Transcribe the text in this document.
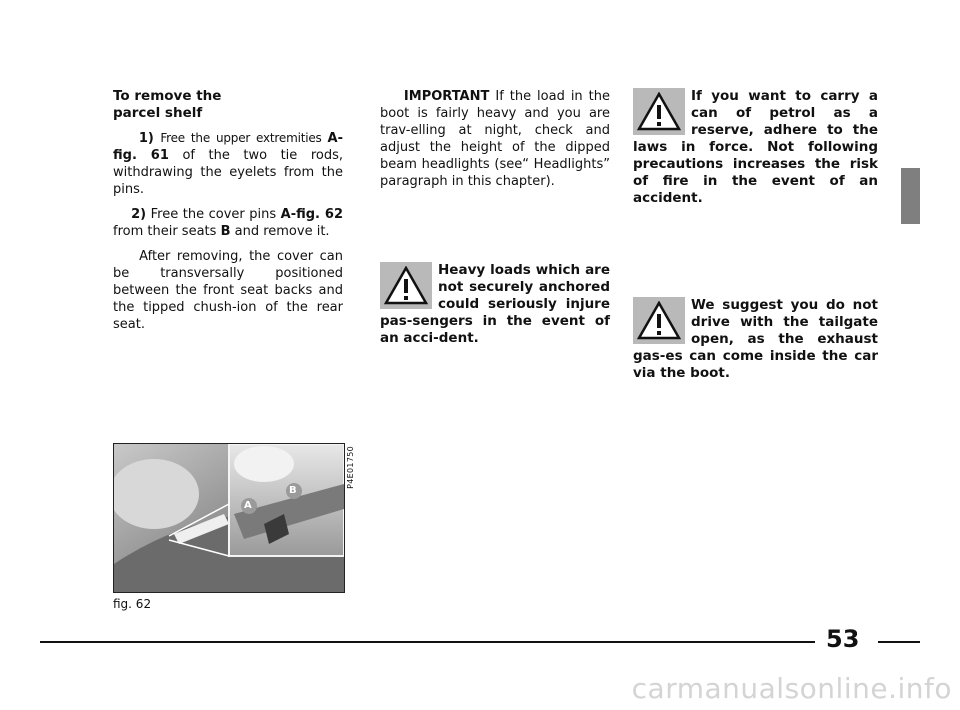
To remove the
parcel shelf

1) Free the upper extremities A-fig. 61 of the two tie rods, withdrawing the eyelets from the pins.

2) Free the cover pins A-fig. 62 from their seats B and remove it.

After removing, the cover can be transversally positioned between the front seat backs and the tipped chush-ion of the rear seat.

IMPORTANT If the load in the boot is fairly heavy and you are trav-elling at night, check and adjust the height of the dipped beam headlights (see“ Headlights” paragraph in this chapter).

Heavy loads which are not securely anchored could seriously injure pas-sengers in the event of an acci-dent.
If you want to carry a can of petrol as a reserve, adhere to the laws in force. Not following precautions increases the risk of fire in the event of an accident.
We suggest you do not drive with the tailgate open, as the exhaust gas-es can come inside the car via the boot.
A
B
P4E01750
fig. 62
53
carmanualsonline.info
